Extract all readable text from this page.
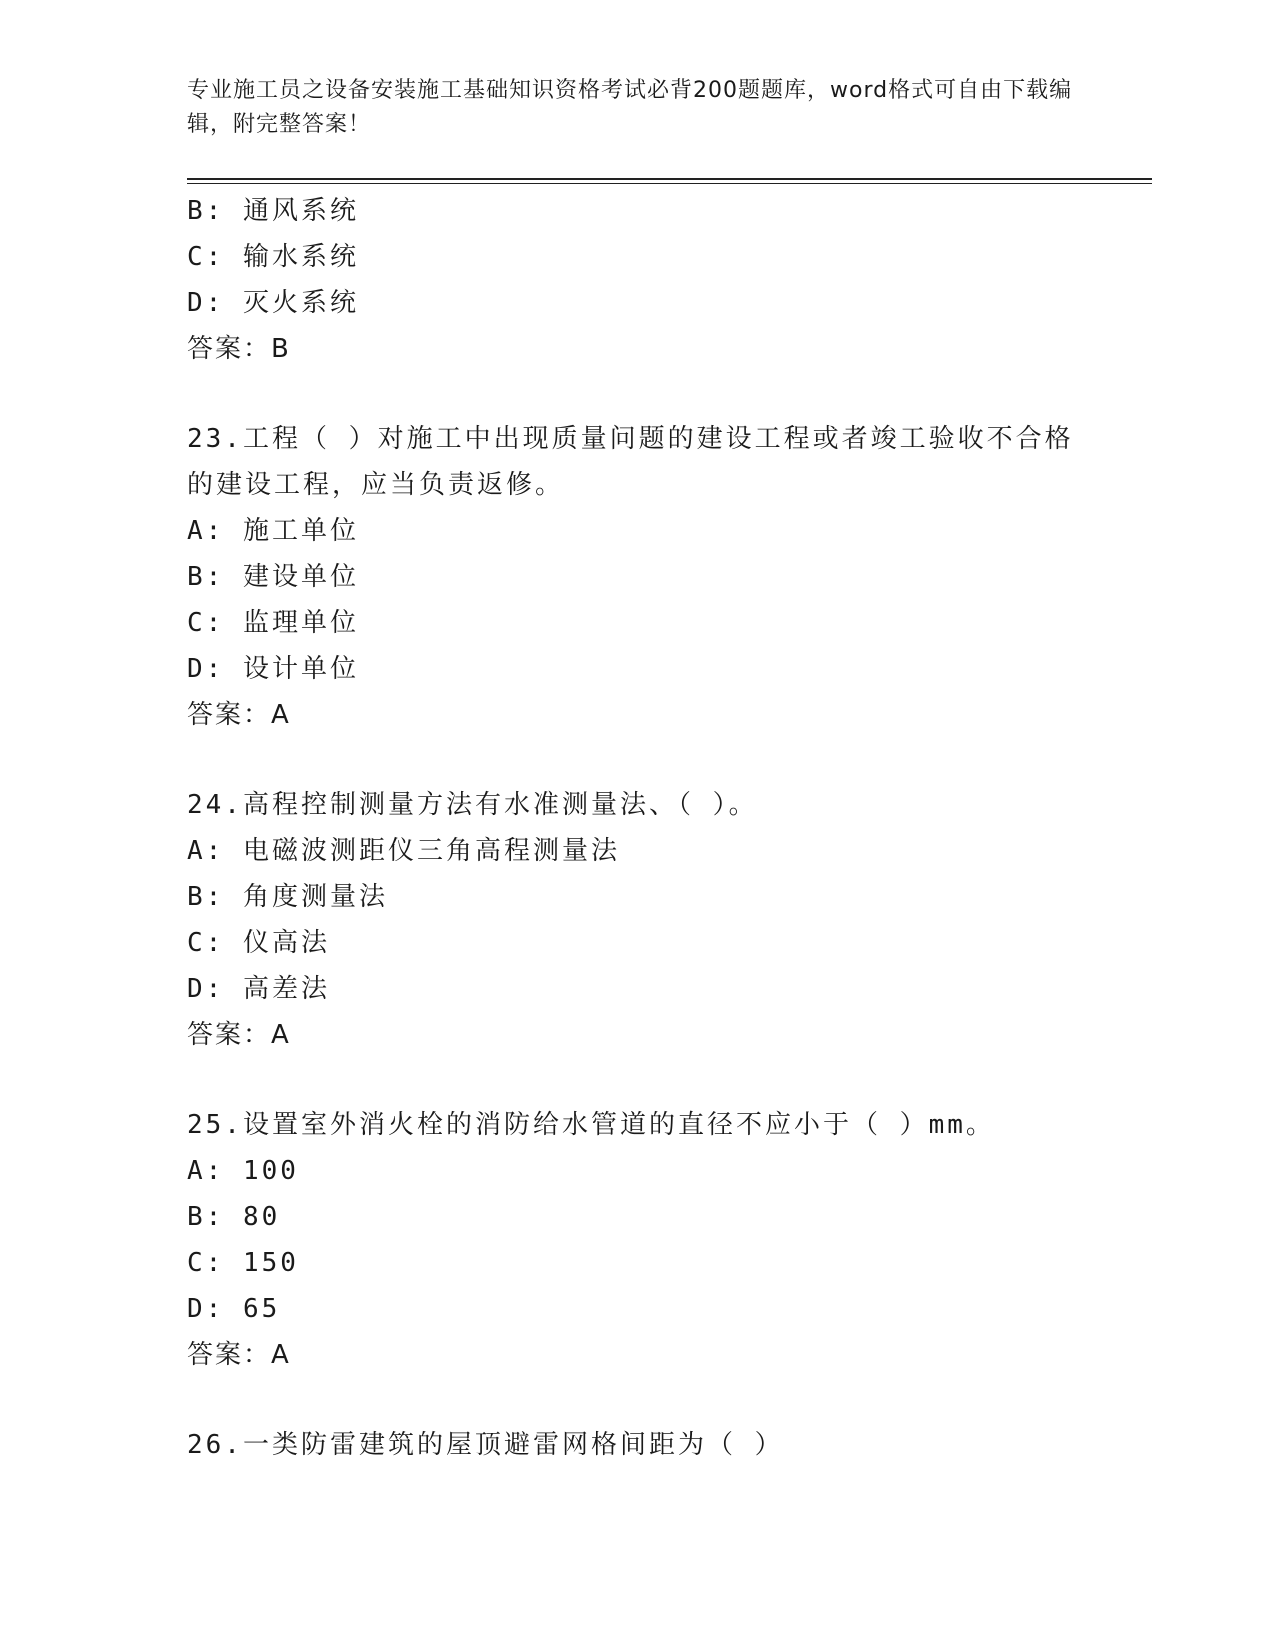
专业施工员之设备安装施工基础知识资格考试必背200题题库，word格式可自由下载编辑，附完整答案！
B: 通风系统
C: 输水系统
D: 灭火系统
答案：B
23.工程（ ）对施工中出现质量问题的建设工程或者竣工验收不合格
的建设工程，应当负责返修。
A: 施工单位
B: 建设单位
C: 监理单位
D: 设计单位
答案：A
24.高程控制测量方法有水准测量法、（ ）。
A: 电磁波测距仪三角高程测量法
B: 角度测量法
C: 仪高法
D: 高差法
答案：A
25.设置室外消火栓的消防给水管道的直径不应小于（ ）mm。
A: 100
B: 80
C: 150
D: 65
答案：A
26.一类防雷建筑的屋顶避雷网格间距为（ ）
